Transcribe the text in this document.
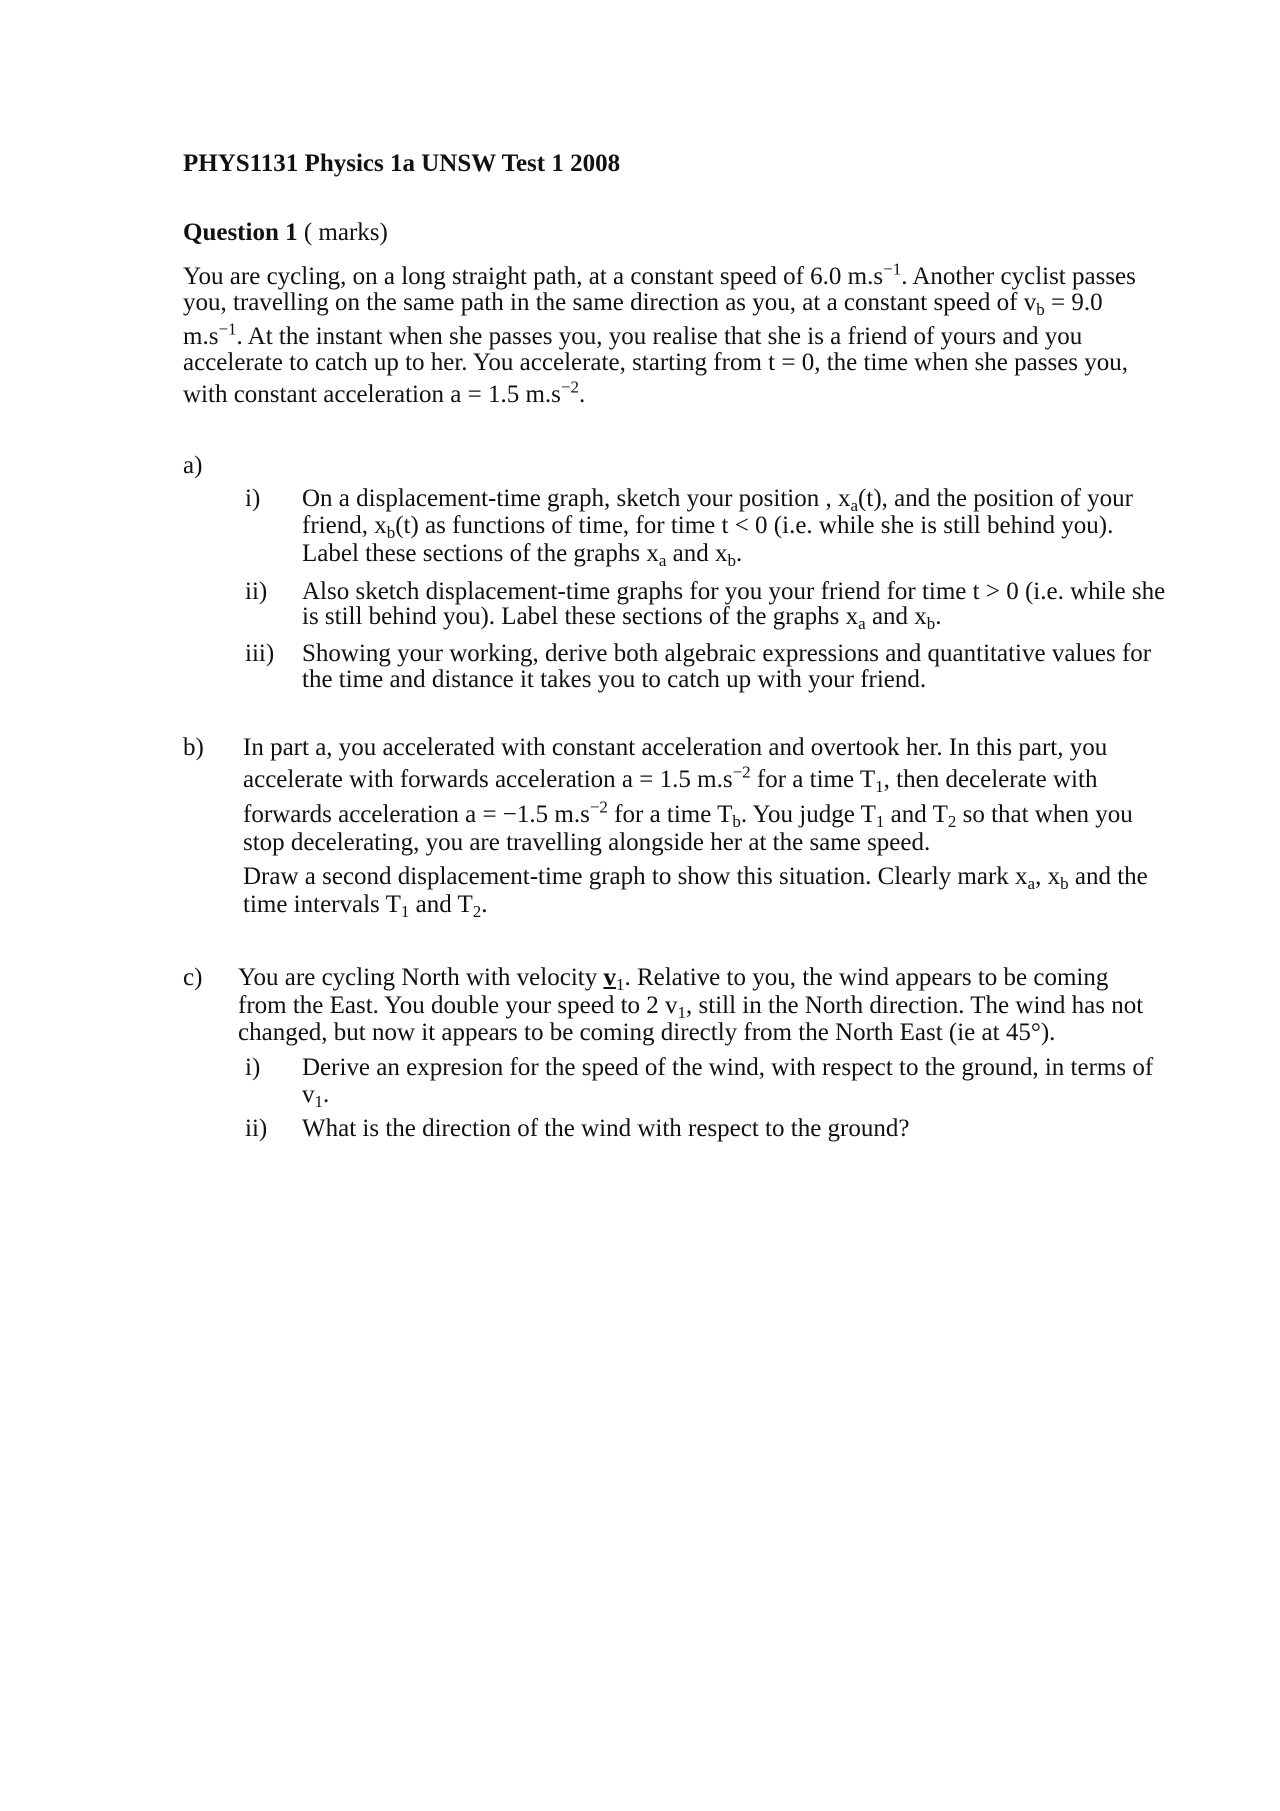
PHYS1131 Physics 1a UNSW Test 1 2008
Question 1 ( marks)
You are cycling, on a long straight path, at a constant speed of 6.0 $m.s^{-1}$. Another cyclist passes
you, travelling on the same path in the same direction as you, at a constant speed of $v_b = 9.0$
$m.s^{-1}$. At the instant when she passes you, you realise that she is a friend of yours and you
accelerate to catch up to her. You accelerate, starting from t = 0, the time when she passes you,
with constant acceleration a = 1.5 $m.s^{-2}$.
a)
i) On a displacement-time graph, sketch your position , $x_a(t)$, and the position of your
friend, $x_b(t)$ as functions of time, for time t < 0 (i.e. while she is still behind you).
Label these sections of the graphs $x_a$ and $x_b$.
ii) Also sketch displacement-time graphs for you your friend for time t > 0 (i.e. while she
is still behind you). Label these sections of the graphs $x_a$ and $x_b$.
iii) Showing your working, derive both algebraic expressions and quantitative values for
the time and distance it takes you to catch up with your friend.
b) In part a, you accelerated with constant acceleration and overtook her. In this part, you
accelerate with forwards acceleration a = 1.5 $m.s^{-2}$ for a time $T_1$, then decelerate with
forwards acceleration a = −1.5 $m.s^{-2}$ for a time $T_b$. You judge $T_1$ and $T_2$ so that when you
stop decelerating, you are travelling alongside her at the same speed.
Draw a second displacement-time graph to show this situation. Clearly mark $x_a$, $x_b$ and the
time intervals $T_1$ and $T_2$.
c) You are cycling North with velocity $v_1$. Relative to you, the wind appears to be coming
from the East. You double your speed to 2 $v_1$, still in the North direction. The wind has not
changed, but now it appears to be coming directly from the North East (ie at 45°).
i) Derive an expresion for the speed of the wind, with respect to the ground, in terms of
$v_1$.
ii) What is the direction of the wind with respect to the ground?
